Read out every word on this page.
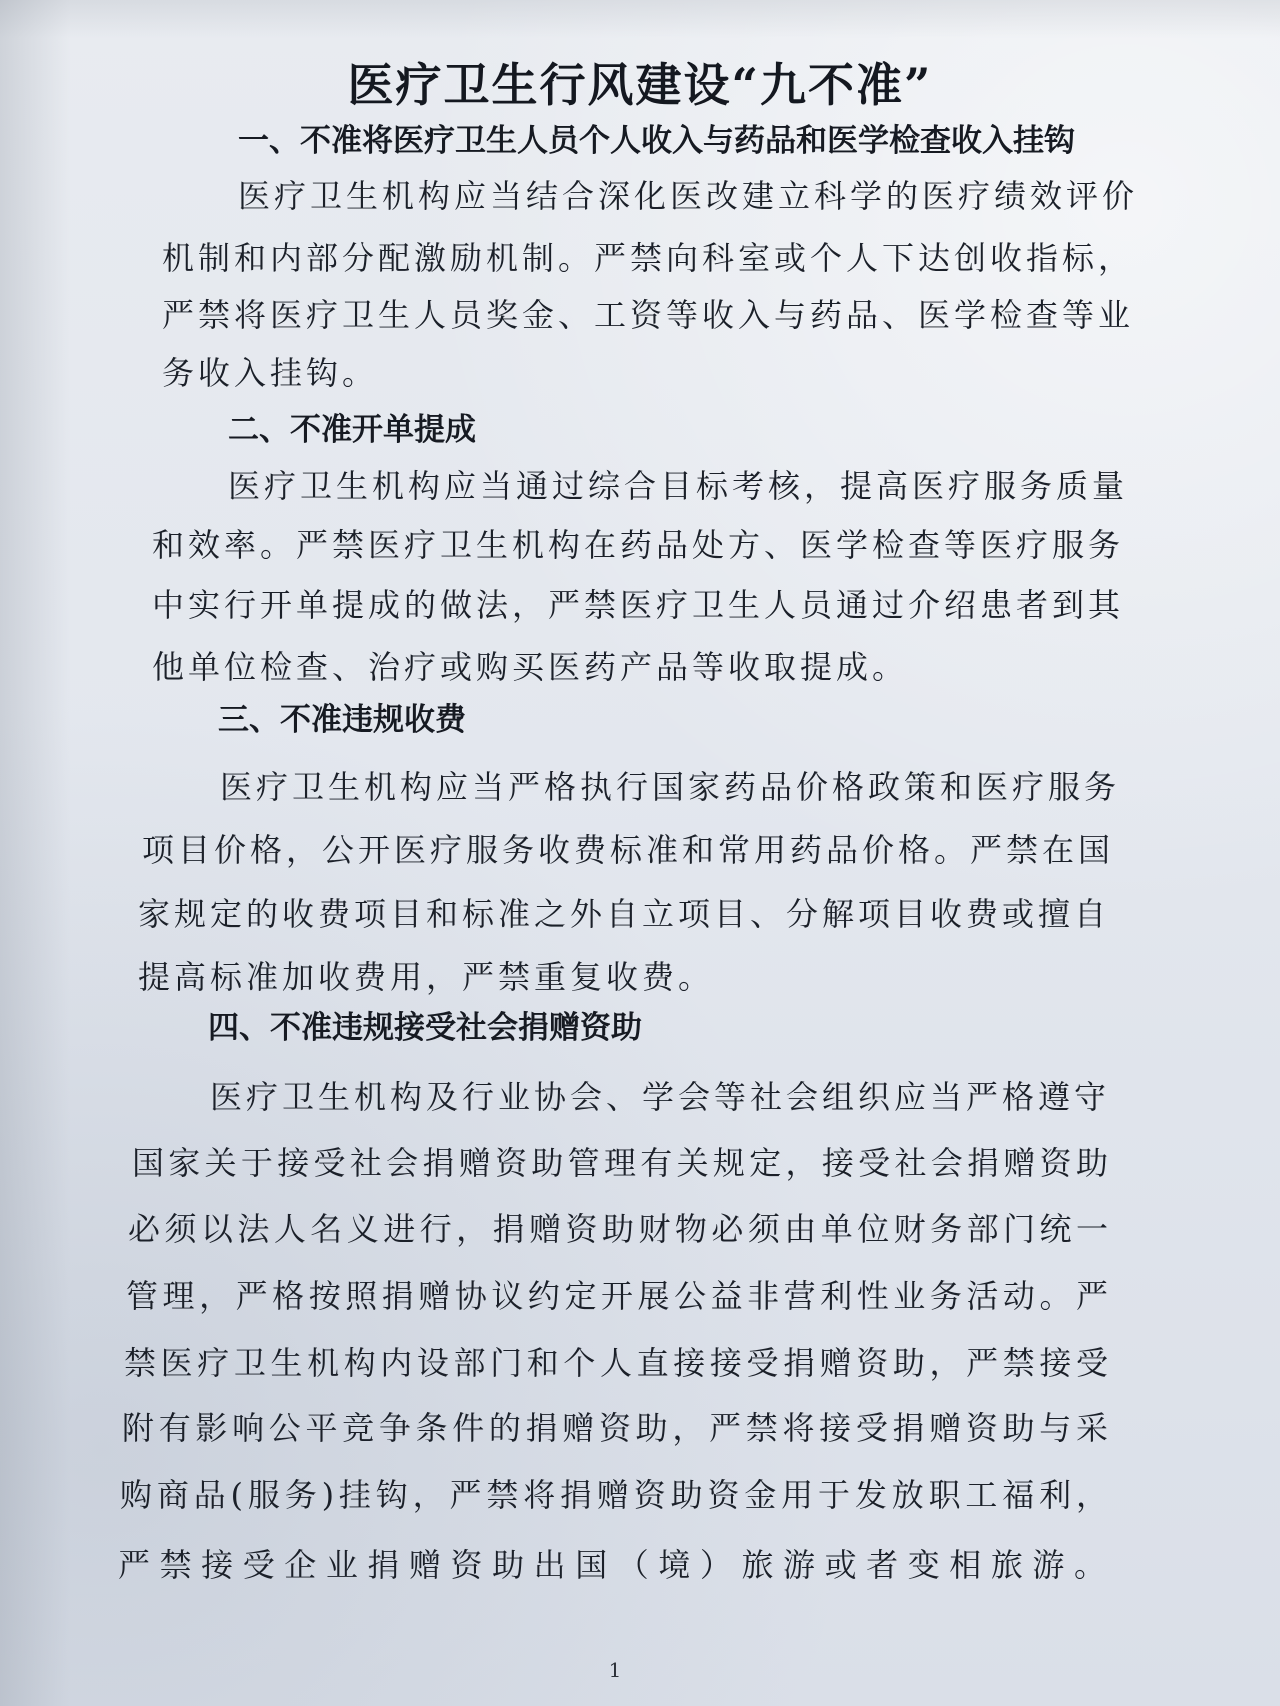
医疗卫生行风建设“九不准”
一、不准将医疗卫生人员个人收入与药品和医学检查收入挂钩
医疗卫生机构应当结合深化医改建立科学的医疗绩效评价
机制和内部分配激励机制。严禁向科室或个人下达创收指标，
严禁将医疗卫生人员奖金、工资等收入与药品、医学检查等业
务收入挂钩。
二、不准开单提成
医疗卫生机构应当通过综合目标考核，提高医疗服务质量
和效率。严禁医疗卫生机构在药品处方、医学检查等医疗服务
中实行开单提成的做法，严禁医疗卫生人员通过介绍患者到其
他单位检查、治疗或购买医药产品等收取提成。
三、不准违规收费
医疗卫生机构应当严格执行国家药品价格政策和医疗服务
项目价格，公开医疗服务收费标准和常用药品价格。严禁在国
家规定的收费项目和标准之外自立项目、分解项目收费或擅自
提高标准加收费用，严禁重复收费。
四、不准违规接受社会捐赠资助
医疗卫生机构及行业协会、学会等社会组织应当严格遵守
国家关于接受社会捐赠资助管理有关规定，接受社会捐赠资助
必须以法人名义进行，捐赠资助财物必须由单位财务部门统一
管理，严格按照捐赠协议约定开展公益非营利性业务活动。严
禁医疗卫生机构内设部门和个人直接接受捐赠资助，严禁接受
附有影响公平竞争条件的捐赠资助，严禁将接受捐赠资助与采
购商品(服务)挂钩，严禁将捐赠资助资金用于发放职工福利，
严禁接受企业捐赠资助出国（境）旅游或者变相旅游。
1
